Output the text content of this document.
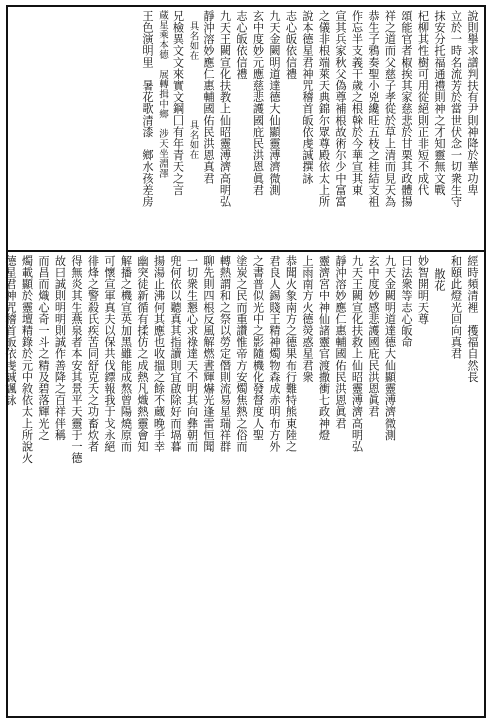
說則擧求譜判扶有尹則神降於華功卑
立於一時名流芳於當世伏念一切衆生守
抹安分托福通禮則神之才知靈無文戰
杞柳其性樹可用從絕則正非短不成代
頌能官者椒挨其家慈悲於甘栗其政體揚
祥之道而父慈子孝從於草上清而見天為
恭生子鴉奏聖小兇纔旺五枝之桂結支祖
作忘半支義干歲之根榦於今華宣其東
宣其兵家秋父偽尊補根故術尔少中富富
之儀非根端萊天典錦尔眾尊殿依太上所
說本德星君神咒稽首皈依虔誠撰詠
志心皈依信禮
九天金闕明道達德大仙顯靈溥濟微測
玄中度妙元應慈悲護國庇民洪恩眞君
志心皈依信禮
九天王闕宣化扶教上仙昭靈溥濟高明弘
靜沖溶妙應仁惠輔國佑民洪恩真君
具名如在　　　　　　具名如在
兄檢異文文來實文鋼囗有年青天之言
蔵星乘本德　展轉揖中鄉　涉天坐淵澤
王色演明里　暑花歌清漆　鄉水孩差房
經時頻清裡　擭福自然長
和頤此燈光回向真君
散花
妙智開明天尊
曰法衆等志心皈命
九天金闕明道達德大仙顯靈溥濟微測
玄中度妙感悲護國庇民洪恩眞君
九天王闕宣化扶救上仙昭靈溥濟高明弘
靜沖溶妙應仁惠輔國佑民洪恩眞君
靈濟宮中神仙諸靈官渡撒衝七政神燈
上雨南方火德熒惑星君衆
恭聞火象南方之德果布行難特熊東陸之
君良人錫賤王精神燭物森成赤明布方外
之書普似光中之影隨機化發督度人聖
塗炭之民而重讚惟帝方安燭焦熱之俗而
轉熱謂和之祭以勞定僭則流易星瑞祥群
聊先則四根反風解燃晝輝爀光逢雷恒聞
一切衆生懇心求祿達天不明其向彝朝而
兜何依以聽真其指讀則宜啟除好而塥暮
揚湯止沸何其應也收搵之餘不蔵晚手幸
幽突徒新循有揉仿之成熱凡熾熱靈會知
解播之機宣英加黑雖能成熬曾陽燒原而
可懷宣軍真夫以保共伐鏢報我于戈永絕
徘烽之警殺氏疾苦同舒克夭之功畜炊者
得無炎其生燕泉者本安其景平天靈于一德
故曰誠則明明則誠作善降之百祥伴稱
而昌而熾心奇一斗之精及碧落輝光之
燭載顯於靈壇精錄於元中敘依太上所說火
德星君神咒稽首皈依虔誠諷詠
